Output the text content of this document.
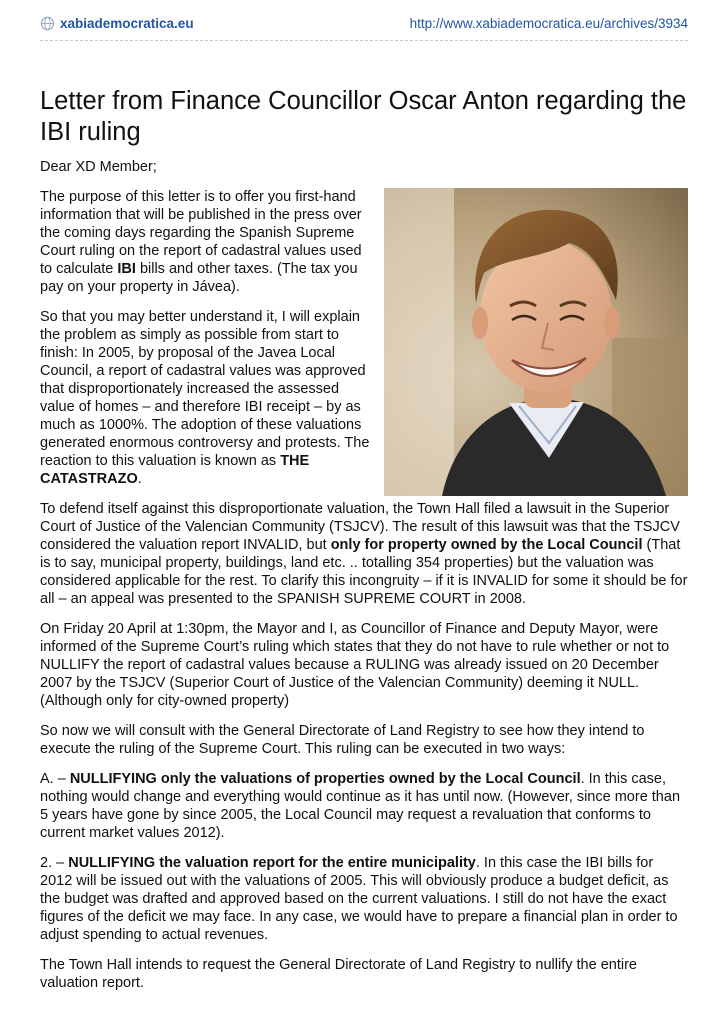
xabiademocratica.eu	http://www.xabiademocratica.eu/archives/3934
Letter from Finance Councillor Oscar Anton regarding the IBI ruling

Dear XD Member;

The purpose of this letter is to offer you first-hand information that will be published in the press over the coming days regarding the Spanish Supreme Court ruling on the report of cadastral values used to calculate IBI bills and other taxes. (The tax you pay on your property in Jávea).

So that you may better understand it, I will explain the problem as simply as possible from start to finish: In 2005, by proposal of the Javea Local Council, a report of cadastral values was approved that disproportionately increased the assessed value of homes – and therefore IBI receipt – by as much as 1000%. The adoption of these valuations generated enormous controversy and protests. The reaction to this valuation is known as THE CATASTRAZO.

To defend itself against this disproportionate valuation, the Town Hall filed a lawsuit in the Superior Court of Justice of the Valencian Community (TSJCV). The result of this lawsuit was that the TSJCV considered the valuation report INVALID, but only for property owned by the Local Council (That is to say, municipal property, buildings, land etc. .. totalling 354 properties) but the valuation was considered applicable for the rest. To clarify this incongruity – if it is INVALID for some it should be for all – an appeal was presented to the SPANISH SUPREME COURT in 2008.

On Friday 20 April at 1:30pm, the Mayor and I, as Councillor of Finance and Deputy Mayor, were informed of the Supreme Court’s ruling which states that they do not have to rule whether or not to NULLIFY the report of cadastral values because a RULING was already issued on 20 December 2007 by the TSJCV (Superior Court of Justice of the Valencian Community) deeming it NULL. (Although only for city-owned property)

So now we will consult with the General Directorate of Land Registry to see how they intend to execute the ruling of the Supreme Court. This ruling can be executed in two ways:

A. – NULLIFYING only the valuations of properties owned by the Local Council. In this case, nothing would change and everything would continue as it has until now. (However, since more than 5 years have gone by since 2005, the Local Council may request a revaluation that conforms to current market values 2012).

2. – NULLIFYING the valuation report for the entire municipality. In this case the IBI bills for 2012 will be issued out with the valuations of 2005. This will obviously produce a budget deficit, as the budget was drafted and approved based on the current valuations. I still do not have the exact figures of the deficit we may face. In any case, we would have to prepare a financial plan in order to adjust spending to actual revenues.

The Town Hall intends to request the General Directorate of Land Registry to nullify the entire valuation report.
